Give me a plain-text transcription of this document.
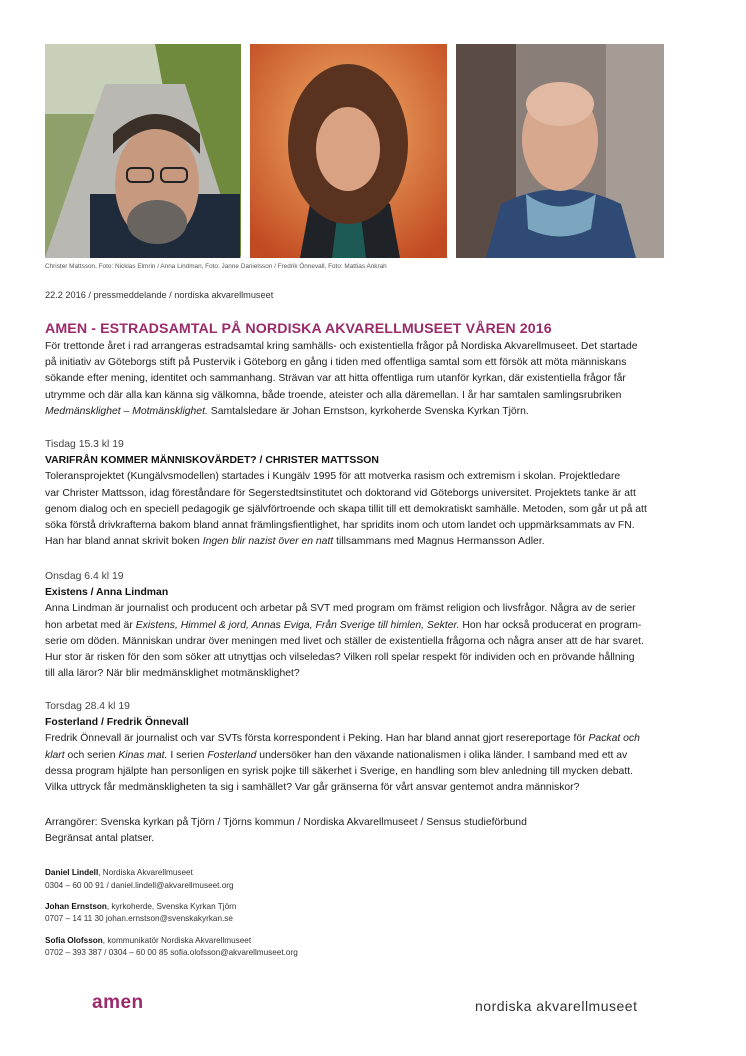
Christer Mattsson, Foto: Nicklas Elmrin / Anna Lindman, Foto: Janne Danielsson / Fredrik Önnevall, Foto: Mattias Ankrah
22.2 2016 / pressmeddelande / nordiska akvarellmuseet
AMEN - ESTRADSAMTAL PÅ NORDISKA AKVARELLMUSEET VÅREN 2016
För trettonde året i rad arrangeras estradsamtal kring samhälls- och existentiella frågor på Nordiska Akvarellmuseet. Det startade
på initiativ av Göteborgs stift på Pustervik i Göteborg en gång i tiden med offentliga samtal som ett försök att möta människans
sökande efter mening, identitet och sammanhang. Strävan var att hitta offentliga rum utanför kyrkan, där existentiella frågor får
utrymme och där alla kan känna sig välkomna, både troende, ateister och alla däremellan. I år har samtalen samlingsrubriken
Medmänsklighet – Motmänsklighet. Samtalsledare är Johan Ernstson, kyrkoherde Svenska Kyrkan Tjörn.
Tisdag 15.3 kl 19
VARIFRÅN KOMMER MÄNNISKOVÄRDET? / CHRISTER MATTSSON
Toleransprojektet (Kungälvsmodellen) startades i Kungälv 1995 för att motverka rasism och extremism i skolan. Projektledare
var Christer Mattsson, idag föreståndare för Segerstedtsinstitutet och doktorand vid Göteborgs universitet. Projektets tanke är att
genom dialog och en speciell pedagogik ge självförtroende och skapa tillit till ett demokratiskt samhälle. Metoden, som går ut på att
söka förstå drivkrafterna bakom bland annat främlingsfientlighet, har spridits inom och utom landet och uppmärksammats av FN.
Han har bland annat skrivit boken Ingen blir nazist över en natt tillsammans med Magnus Hermansson Adler.
Onsdag 6.4 kl 19
Existens / Anna Lindman
Anna Lindman är journalist och producent och arbetar på SVT med program om främst religion och livsfrågor. Några av de serier
hon arbetat med är Existens, Himmel & jord, Annas Eviga, Från Sverige till himlen, Sekter. Hon har också producerat en program-
serie om döden. Människan undrar över meningen med livet och ställer de existentiella frågorna och några anser att de har svaret.
Hur stor är risken för den som söker att utnyttjas och vilseledas? Vilken roll spelar respekt för individen och en prövande hållning
till alla läror? När blir medmänsklighet motmänsklighet?
Torsdag 28.4 kl 19
Fosterland / Fredrik Önnevall
Fredrik Önnevall är journalist och var SVTs första korrespondent i Peking. Han har bland annat gjort resereportage för Packat och
klart och serien Kinas mat. I serien Fosterland undersöker han den växande nationalismen i olika länder. I samband med ett av
dessa program hjälpte han personligen en syrisk pojke till säkerhet i Sverige, en handling som blev anledning till mycken debatt.
Vilka uttryck får medmänskligheten ta sig i samhället? Var går gränserna för vårt ansvar gentemot andra människor?
Arrangörer: Svenska kyrkan på Tjörn / Tjörns kommun / Nordiska Akvarellmuseet / Sensus studieförbund
Begränsat antal platser.
Daniel Lindell, Nordiska Akvarellmuseet
0304 – 60 00 91 / daniel.lindell@akvarellmuseet.org
Johan Ernstson, kyrkoherde, Svenska Kyrkan Tjörn
0707 – 14 11 30 johan.ernstson@svenskakyrkan.se
Sofia Olofsson, kommunikatör Nordiska Akvarellmuseet
0702 – 393 387 / 0304 – 60 00 85 sofia.olofsson@akvarellmuseet.org
amen	nordiska akvarellmuseet
